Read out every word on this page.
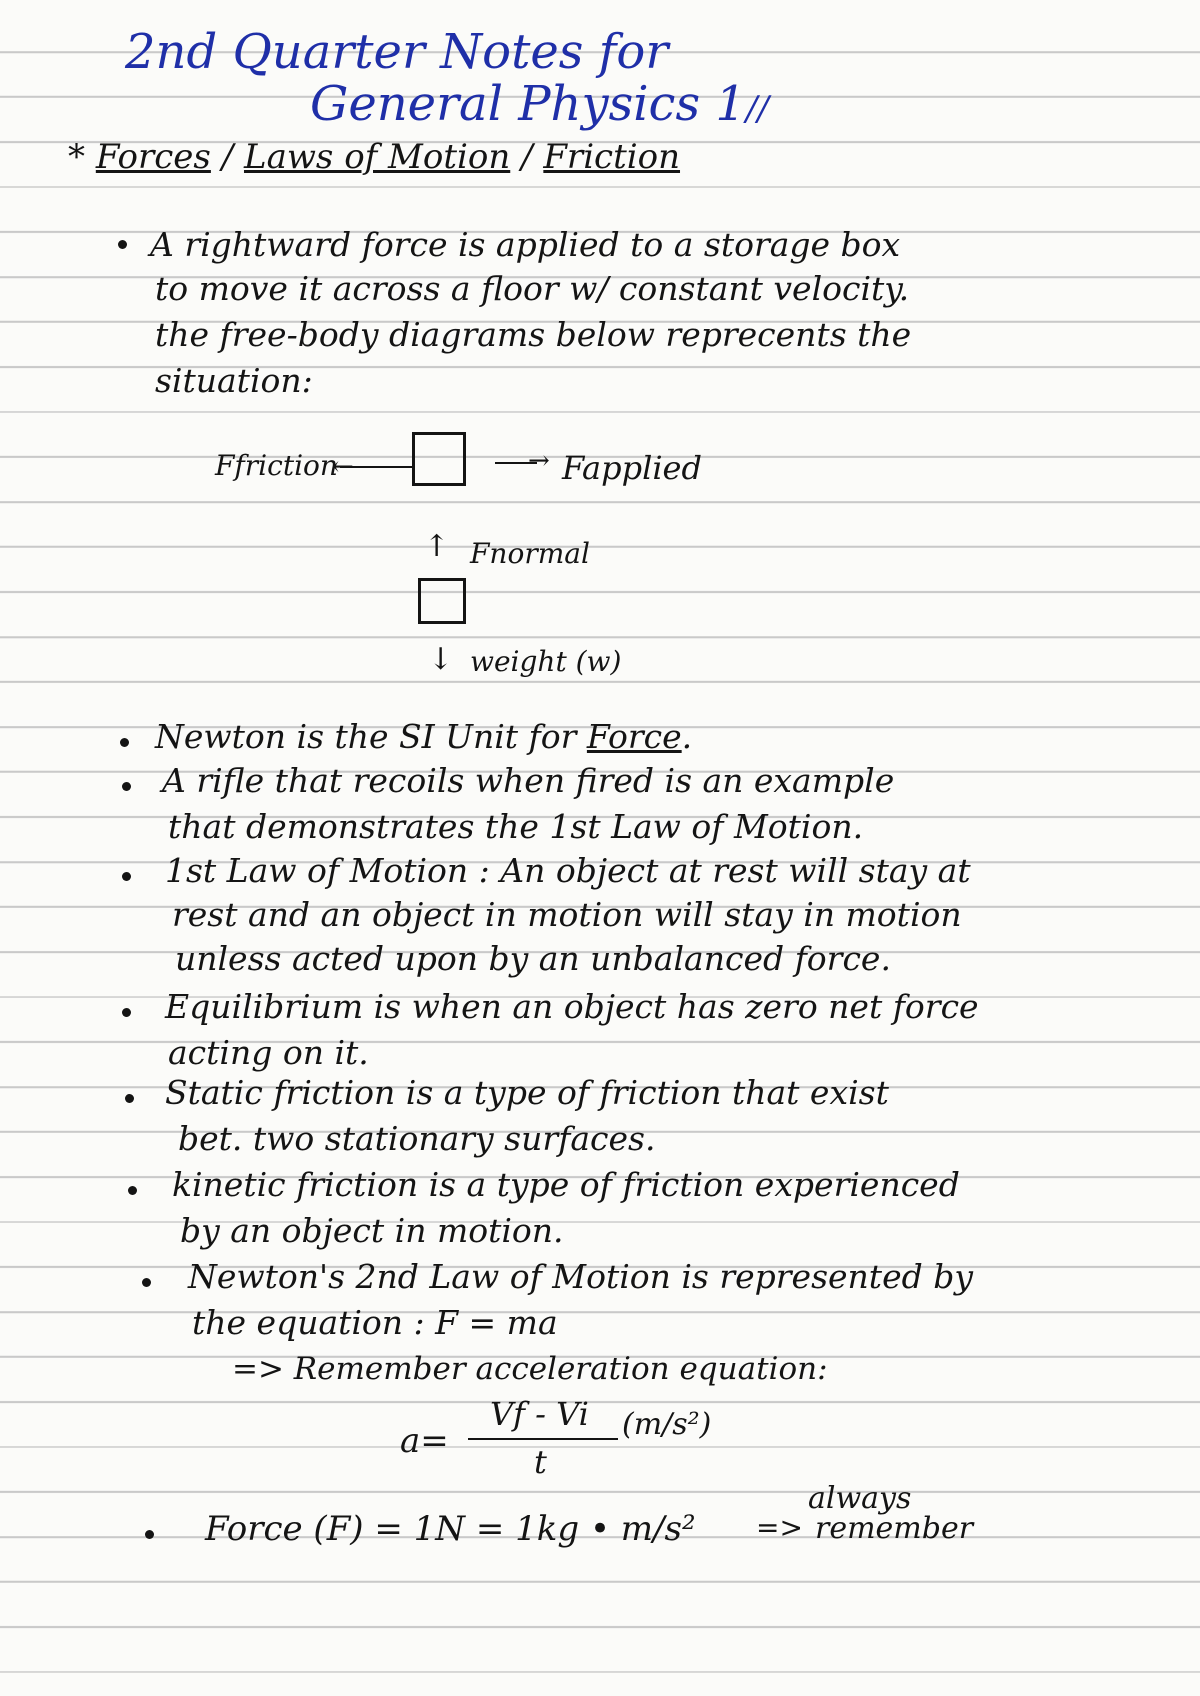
2nd Quarter Notes for
General Physics 1//
* Forces / Laws of Motion / Friction
A rightward force is applied to a storage box
to move it across a floor w/ constant velocity.
the free-body diagrams below reprecents the
situation:
Ffriction
←	→ Fapplied
↑ Fnormal
↓ weight (w)
Newton is the SI Unit for Force.
A rifle that recoils when fired is an example
that demonstrates the 1st Law of Motion.
1st Law of Motion : An object at rest will stay at
rest and an object in motion will stay in motion
unless acted upon by an unbalanced force.
Equilibrium is when an object has zero net force
acting on it.
Static friction is a type of friction that exist
bet. two stationary surfaces.
kinetic friction is a type of friction experienced
by an object in motion.
Newton's 2nd Law of Motion is represented by
the equation : F = ma
=> Remember acceleration equation:
a=
Vf - Vi
t
(m/s²)
Force (F) = 1N = 1kg • m/s² =>
always
remember
